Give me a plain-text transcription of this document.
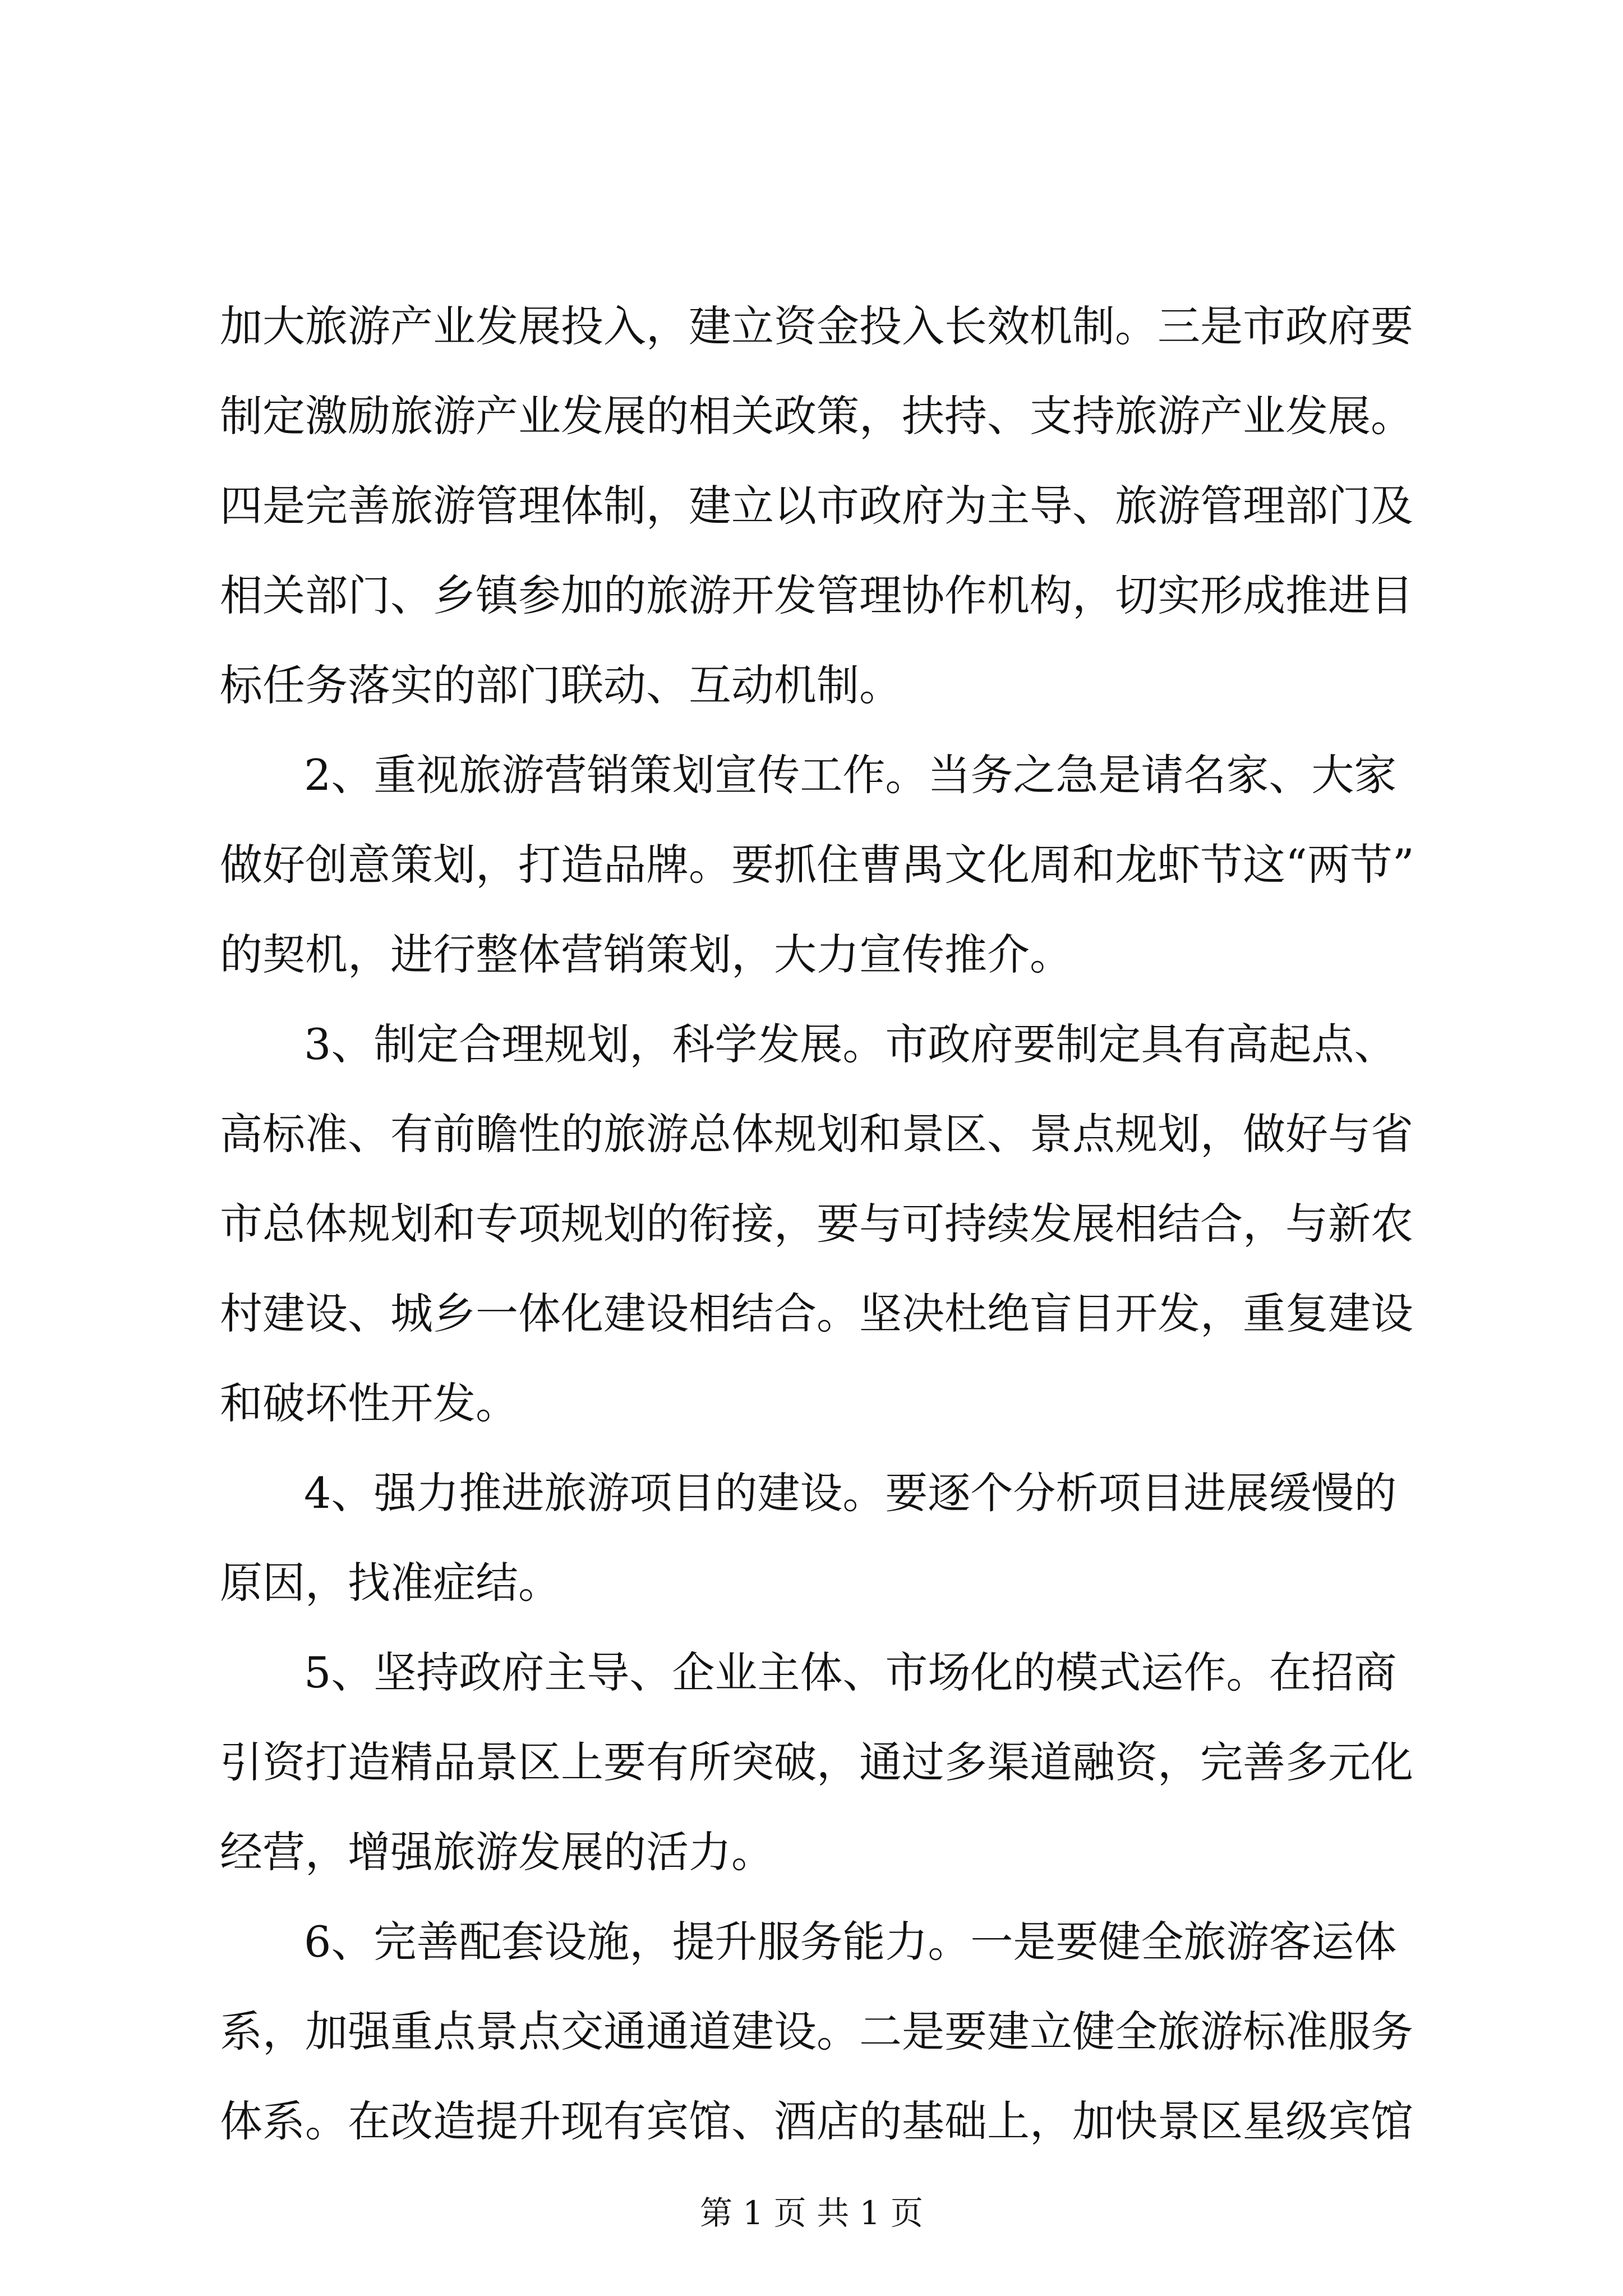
加大旅游产业发展投入，建立资金投入长效机制。三是市政府要
制定激励旅游产业发展的相关政策，扶持、支持旅游产业发展。
四是完善旅游管理体制，建立以市政府为主导、旅游管理部门及
相关部门、乡镇参加的旅游开发管理协作机构，切实形成推进目
标任务落实的部门联动、互动机制。
2、重视旅游营销策划宣传工作。当务之急是请名家、大家
做好创意策划，打造品牌。要抓住曹禺文化周和龙虾节这“两节”
的契机，进行整体营销策划，大力宣传推介。
3、制定合理规划，科学发展。市政府要制定具有高起点、
高标准、有前瞻性的旅游总体规划和景区、景点规划，做好与省
市总体规划和专项规划的衔接，要与可持续发展相结合，与新农
村建设、城乡一体化建设相结合。坚决杜绝盲目开发，重复建设
和破坏性开发。
4、强力推进旅游项目的建设。要逐个分析项目进展缓慢的
原因，找准症结。
5、坚持政府主导、企业主体、市场化的模式运作。在招商
引资打造精品景区上要有所突破，通过多渠道融资，完善多元化
经营，增强旅游发展的活力。
6、完善配套设施，提升服务能力。一是要健全旅游客运体
系，加强重点景点交通通道建设。二是要建立健全旅游标准服务
体系。在改造提升现有宾馆、酒店的基础上，加快景区星级宾馆
第 1 页 共 1 页
